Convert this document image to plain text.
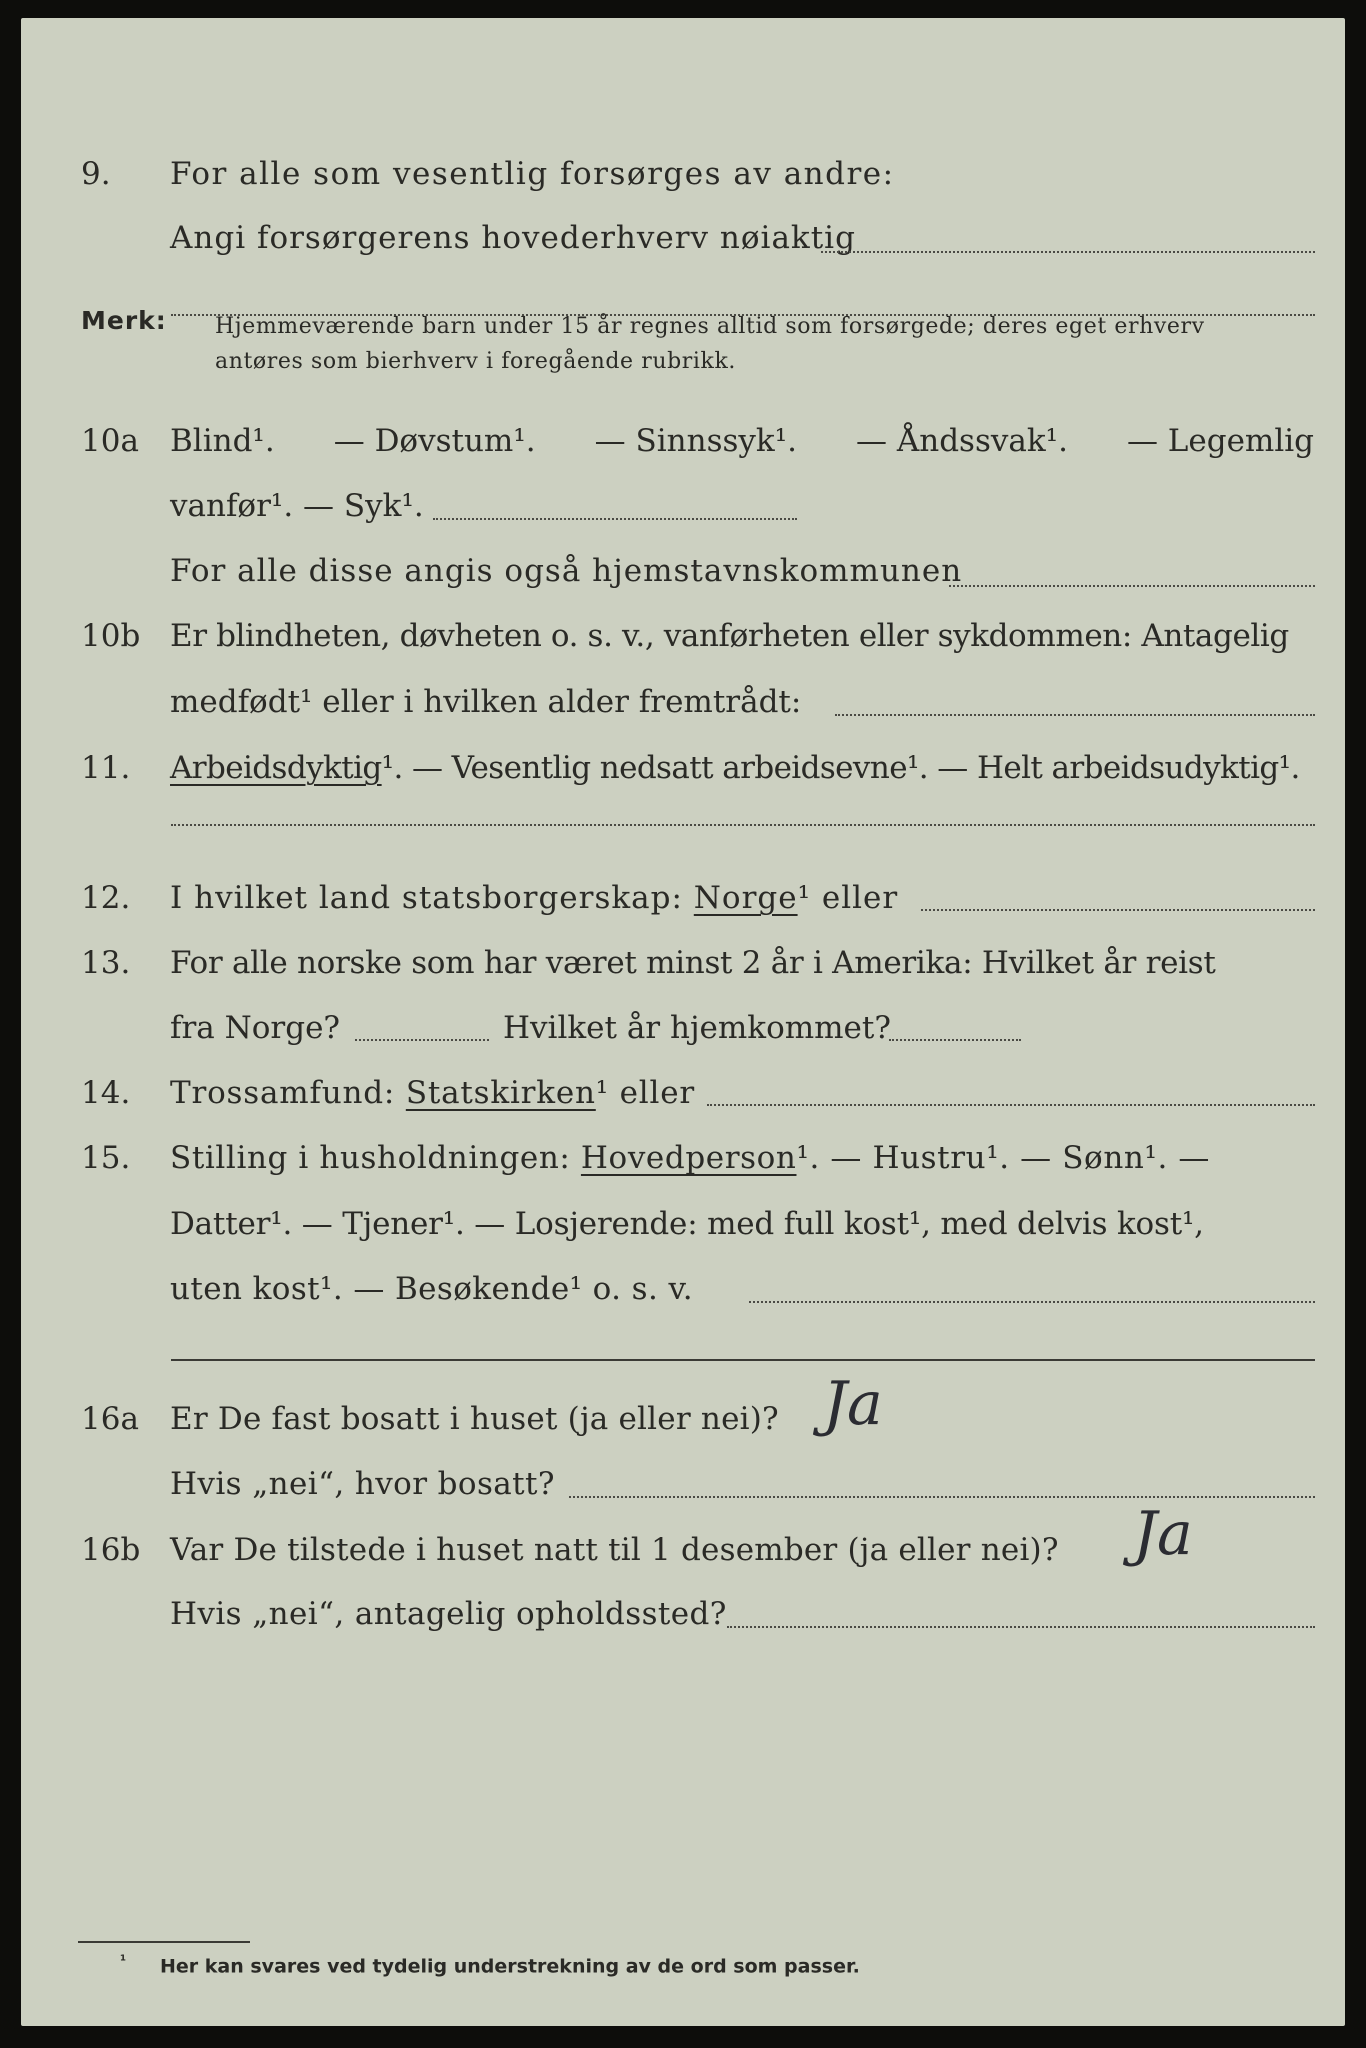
9.	For alle som vesentlig forsørges av andre:
Angi forsørgerens hovederhverv nøiaktig
Merk: Hjemmeværende barn under 15 år regnes alltid som forsørgede; deres eget erhverv
antøres som bierhverv i foregående rubrikk.
10a	Blind¹. — Døvstum¹. — Sinnssyk¹. — Åndssvak¹. — Legemlig
vanfør¹. — Syk¹.
For alle disse angis også hjemstavnskommunen
10b Er blindheten, døvheten o. s. v., vanførheten eller sykdommen: Antagelig
medfødt¹ eller i hvilken alder fremtrådt:
11.	Arbeidsdyktig¹. — Vesentlig nedsatt arbeidsevne¹. — Helt arbeidsudyktig¹.
12.	I hvilket land statsborgerskap: Norge¹ eller
13.	For alle norske som har været minst 2 år i Amerika: Hvilket år reist
fra Norge?	Hvilket år hjemkommet?
14.	Trossamfund: Statskirken¹ eller
15.	Stilling i husholdningen: Hovedperson¹. — Hustru¹. — Sønn¹. —
Datter¹. — Tjener¹. — Losjerende: med full kost¹, med delvis kost¹,
uten kost¹. — Besøkende¹ o. s. v.
16a	Er De fast bosatt i huset (ja eller nei)? Ja
Hvis „nei“, hvor bosatt?
16b Var De tilstede i huset natt til 1 desember (ja eller nei)? Ja
Hvis „nei“, antagelig opholdssted?
¹ Her kan svares ved tydelig understrekning av de ord som passer.
